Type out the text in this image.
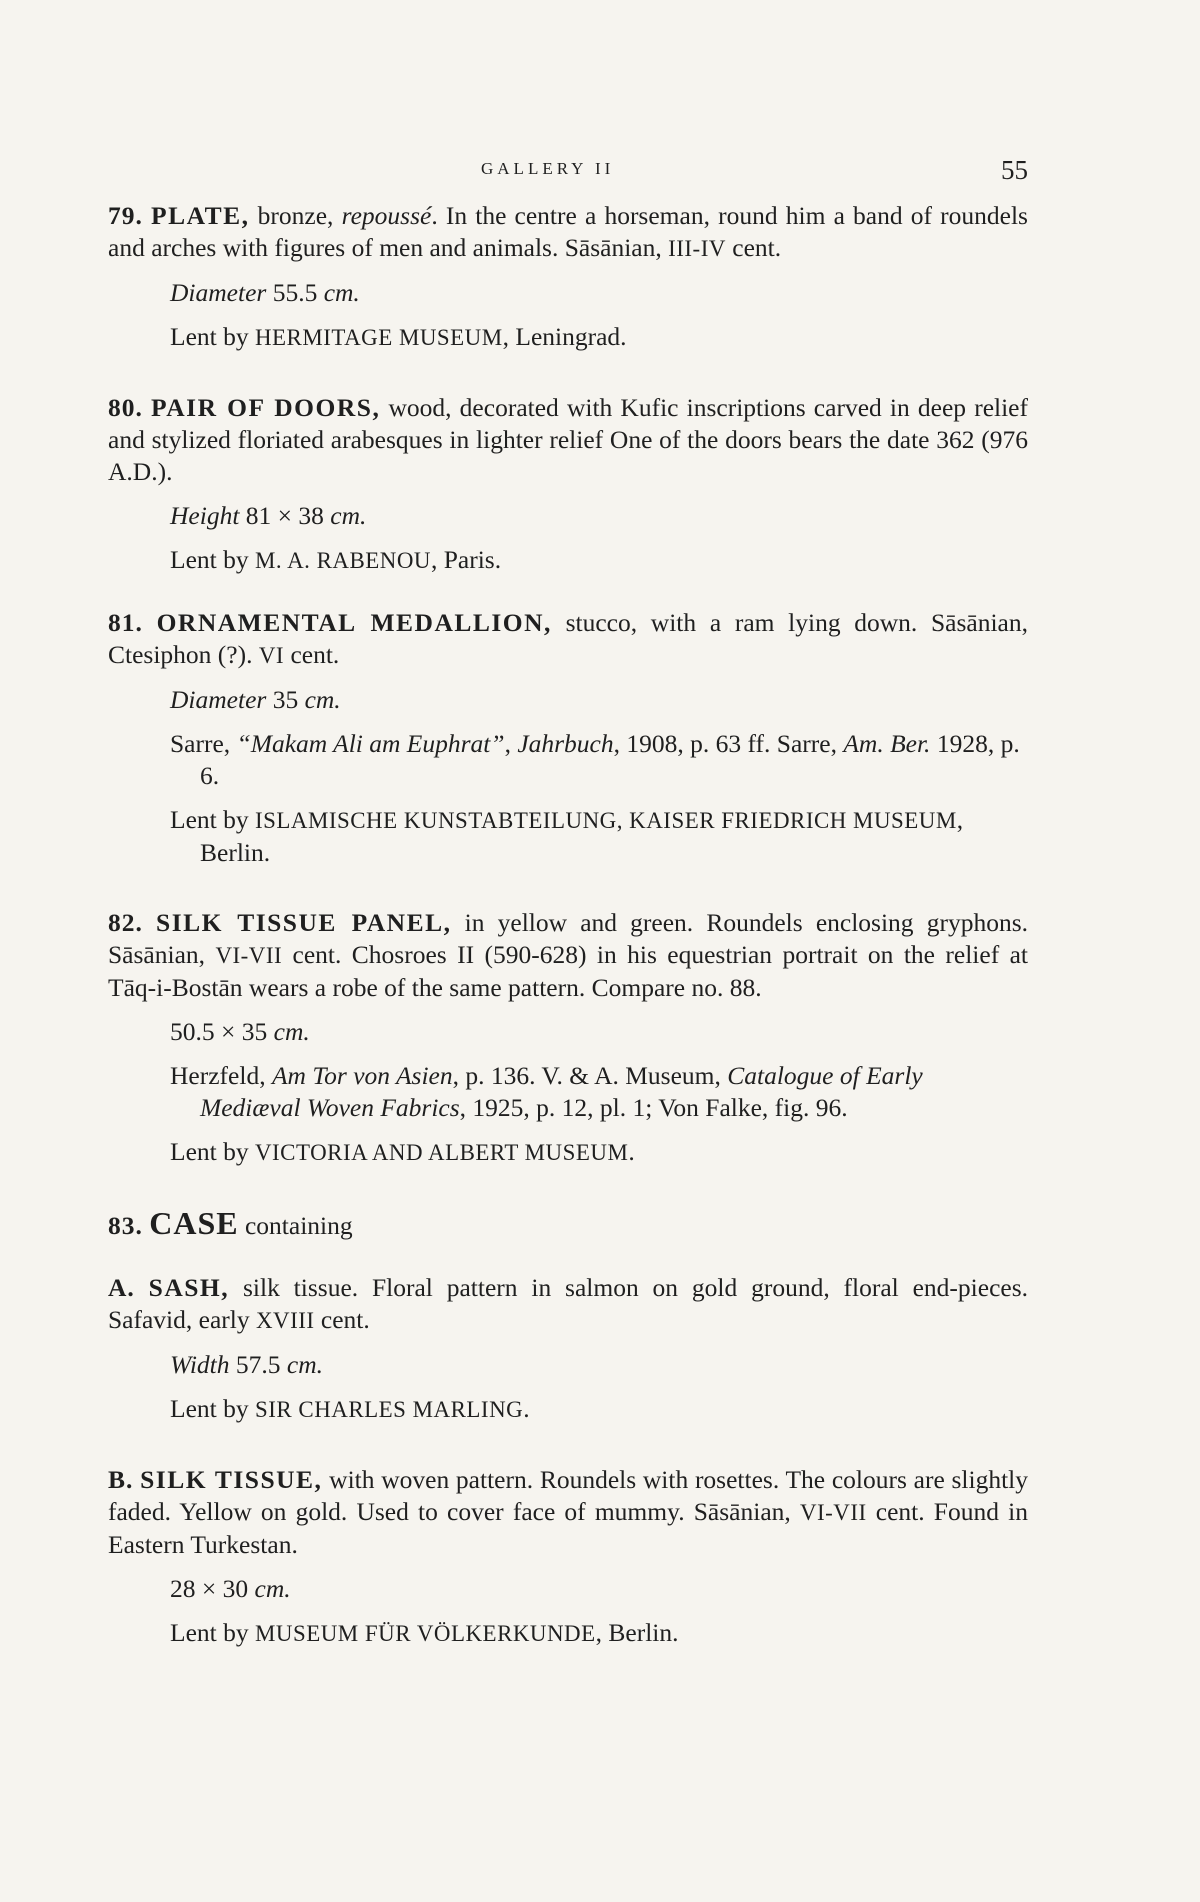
GALLERY II	55

79. PLATE, bronze, repoussé. In the centre a horseman, round him a band of roundels and arches with figures of men and animals. Sāsānian, III-IV cent.

Diameter 55.5 cm.

Lent by HERMITAGE MUSEUM, Leningrad.

80. PAIR OF DOORS, wood, decorated with Kufic inscriptions carved in deep relief and stylized floriated arabesques in lighter relief One of the doors bears the date 362 (976 A.D.).

Height 81 × 38 cm.

Lent by M. A. RABENOU, Paris.

81. ORNAMENTAL MEDALLION, stucco, with a ram lying down. Sāsānian, Ctesiphon (?). VI cent.

Diameter 35 cm.

Sarre, “Makam Ali am Euphrat”, Jahrbuch, 1908, p. 63 ff. Sarre, Am. Ber. 1928, p. 6.

Lent by ISLAMISCHE KUNSTABTEILUNG, KAISER FRIEDRICH MUSEUM, Berlin.

82. SILK TISSUE PANEL, in yellow and green. Roundels enclosing gryphons. Sāsānian, VI-VII cent. Chosroes II (590-628) in his equestrian portrait on the relief at Tāq-i-Bostān wears a robe of the same pattern. Compare no. 88.

50.5 × 35 cm.

Herzfeld, Am Tor von Asien, p. 136. V. & A. Museum, Catalogue of Early Mediæval Woven Fabrics, 1925, p. 12, pl. 1; Von Falke, fig. 96.

Lent by VICTORIA AND ALBERT MUSEUM.

83. CASE containing

A. SASH, silk tissue. Floral pattern in salmon on gold ground, floral end-pieces. Safavid, early XVIII cent.

Width 57.5 cm.

Lent by SIR CHARLES MARLING.

B. SILK TISSUE, with woven pattern. Roundels with rosettes. The colours are slightly faded. Yellow on gold. Used to cover face of mummy. Sāsānian, VI-VII cent. Found in Eastern Turkestan.

28 × 30 cm.

Lent by MUSEUM FÜR VÖLKERKUNDE, Berlin.
